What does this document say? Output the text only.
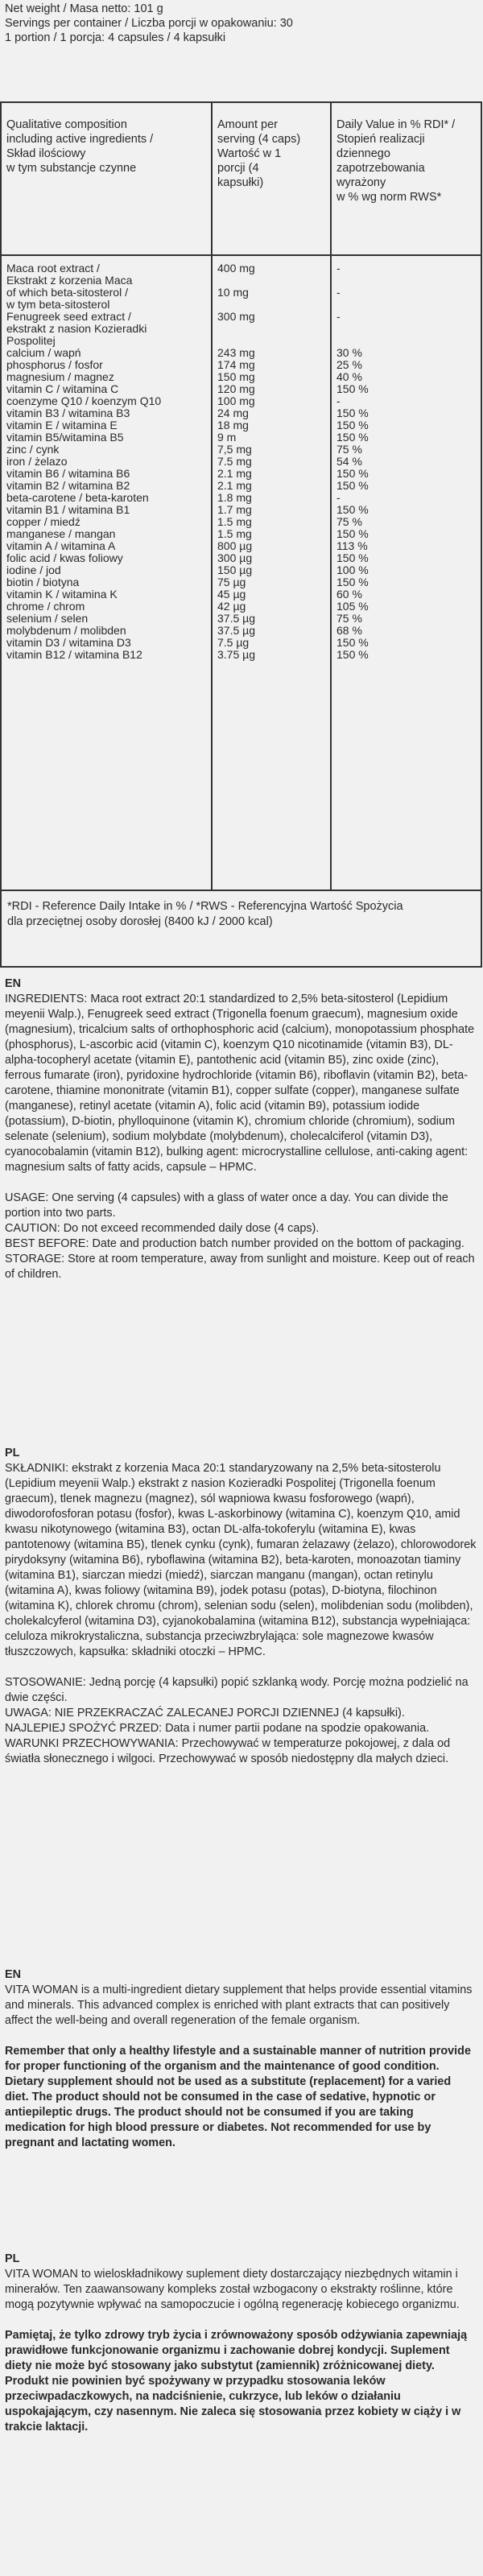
Net weight / Masa netto: 101 g
Servings per container / Liczba porcji w opakowaniu: 30
1 portion / 1 porcja: 4 capsules / 4 kapsułki
Qualitative composition
including active ingredients /
Skład ilościowy
w tym substancje czynne
Amount per
serving (4 caps)
Wartość w 1
porcji (4
kapsułki)
Daily Value in % RDI* /
Stopień realizacji
dziennego
zapotrzebowania
wyrażony
w % wg norm RWS*
Maca root extract /
Ekstrakt z korzenia Maca
of which beta-sitosterol /
w tym beta-sitosterol
Fenugreek seed extract /
ekstrakt z nasion Kozieradki
Pospolitej
calcium / wapń
phosphorus / fosfor
magnesium / magnez
vitamin C / witamina C
coenzyme Q10 / koenzym Q10
vitamin B3 / witamina B3
vitamin E / witamina E
vitamin B5/witamina B5
zinc / cynk
iron / żelazo
vitamin B6 / witamina B6
vitamin B2 / witamina B2
beta-carotene / beta-karoten
vitamin B1 / witamina B1
copper / miedź
manganese / mangan
vitamin A / witamina A
folic acid / kwas foliowy
iodine / jod
biotin / biotyna
vitamin K / witamina K
chrome / chrom
selenium / selen
molybdenum / molibden
vitamin D3 / witamina D3
vitamin B12 / witamina B12
400 mg
10 mg
300 mg
243 mg
174 mg
150 mg
120 mg
100 mg
24 mg
18 mg
9 m
7,5 mg
7.5 mg
2.1 mg
2.1 mg
1.8 mg
1.7 mg
1.5 mg
1.5 mg
800 µg
300 µg
150 µg
75 µg
45 µg
42 µg
37.5 µg
37.5 µg
7.5 µg
3.75 µg
-
-
-
30 %
25 %
40 %
150 %
-
150 %
150 %
150 %
75 %
54 %
150 %
150 %
-
150 %
75 %
150 %
113 %
150 %
100 %
150 %
60 %
105 %
75 %
68 %
150 %
150 %
*RDI - Reference Daily Intake in % / *RWS - Referencyjna Wartość Spożycia
dla przeciętnej osoby dorosłej (8400 kJ / 2000 kcal)

EN

INGREDIENTS: Maca root extract 20:1 standardized to 2,5% beta-sitosterol (Lepidium meyenii Walp.), Fenugreek seed extract (Trigonella foenum graecum), magnesium oxide (magnesium), tricalcium salts of orthophosphoric acid (calcium), monopotassium phosphate (phosphorus), L-ascorbic acid (vitamin C), koenzym Q10 nicotinamide (vitamin B3), DL-alpha-tocopheryl acetate (vitamin E), pantothenic acid (vitamin B5), zinc oxide (zinc), ferrous fumarate (iron), pyridoxine hydrochloride (vitamin B6), riboflavin (vitamin B2), beta-carotene, thiamine mononitrate (vitamin B1), copper sulfate (copper), manganese sulfate (manganese), retinyl acetate (vitamin A), folic acid (vitamin B9), potassium iodide (potassium), D-biotin, phylloquinone (vitamin K), chromium chloride (chromium), sodium selenate (selenium), sodium molybdate (molybdenum), cholecalciferol (vitamin D3), cyanocobalamin (vitamin B12), bulking agent: microcrystalline cellulose, anti-caking agent: magnesium salts of fatty acids, capsule – HPMC.

USAGE: One serving (4 capsules) with a glass of water once a day. You can divide the portion into two parts.

CAUTION: Do not exceed recommended daily dose (4 caps).

BEST BEFORE: Date and production batch number provided on the bottom of packaging.

STORAGE: Store at room temperature, away from sunlight and moisture. Keep out of reach of children.

PL

SKŁADNIKI: ekstrakt z korzenia Maca 20:1 standaryzowany na 2,5% beta-sitosterolu (Lepidium meyenii Walp.) ekstrakt z nasion Kozieradki Pospolitej (Trigonella foenum graecum), tlenek magnezu (magnez), sól wapniowa kwasu fosforowego (wapń), diwodorofosforan potasu (fosfor), kwas L-askorbinowy (witamina C), koenzym Q10, amid kwasu nikotynowego (witamina B3), octan DL-alfa-tokoferylu (witamina E), kwas pantotenowy (witamina B5), tlenek cynku (cynk), fumaran żelazawy (żelazo), chlorowodorek pirydoksyny (witamina B6), ryboflawina (witamina B2), beta-karoten, monoazotan tiaminy (witamina B1), siarczan miedzi (miedź), siarczan manganu (mangan), octan retinylu (witamina A), kwas foliowy (witamina B9), jodek potasu (potas), D-biotyna, filochinon (witamina K), chlorek chromu (chrom), selenian sodu (selen), molibdenian sodu (molibden), cholekalcyferol (witamina D3), cyjanokobalamina (witamina B12), substancja wypełniająca: celuloza mikrokrystaliczna, substancja przeciwzbrylająca: sole magnezowe kwasów tłuszczowych, kapsułka: składniki otoczki – HPMC.

STOSOWANIE: Jedną porcję (4 kapsułki) popić szklanką wody. Porcję można podzielić na dwie części.

UWAGA: NIE PRZEKRACZAĆ ZALECANEJ PORCJI DZIENNEJ (4 kapsułki).

NAJLEPIEJ SPOŻYĆ PRZED: Data i numer partii podane na spodzie opakowania.

WARUNKI PRZECHOWYWANIA: Przechowywać w temperaturze pokojowej, z dala od światła słonecznego i wilgoci. Przechowywać w sposób niedostępny dla małych dzieci.

EN

VITA WOMAN is a multi-ingredient dietary supplement that helps provide essential vitamins and minerals. This advanced complex is enriched with plant extracts that can positively affect the well-being and overall regeneration of the female organism.

Remember that only a healthy lifestyle and a sustainable manner of nutrition provide for proper functioning of the organism and the maintenance of good condition. Dietary supplement should not be used as a substitute (replacement) for a varied diet. The product should not be consumed in the case of sedative, hypnotic or antiepileptic drugs. The product should not be consumed if you are taking medication for high blood pressure or diabetes. Not recommended for use by pregnant and lactating women.

PL

VITA WOMAN to wieloskładnikowy suplement diety dostarczający niezbędnych witamin i minerałów. Ten zaawansowany kompleks został wzbogacony o ekstrakty roślinne, które mogą pozytywnie wpływać na samopoczucie i ogólną regenerację kobiecego organizmu.

Pamiętaj, że tylko zdrowy tryb życia i zrównoważony sposób odżywiania zapewniają prawidłowe funkcjonowanie organizmu i zachowanie dobrej kondycji. Suplement diety nie może być stosowany jako substytut (zamiennik) zróżnicowanej diety. Produkt nie powinien być spożywany w przypadku stosowania leków przeciwpadaczkowych, na nadciśnienie, cukrzyce, lub leków o działaniu uspokajającym, czy nasennym. Nie zaleca się stosowania przez kobiety w ciąży i w trakcie laktacji.
